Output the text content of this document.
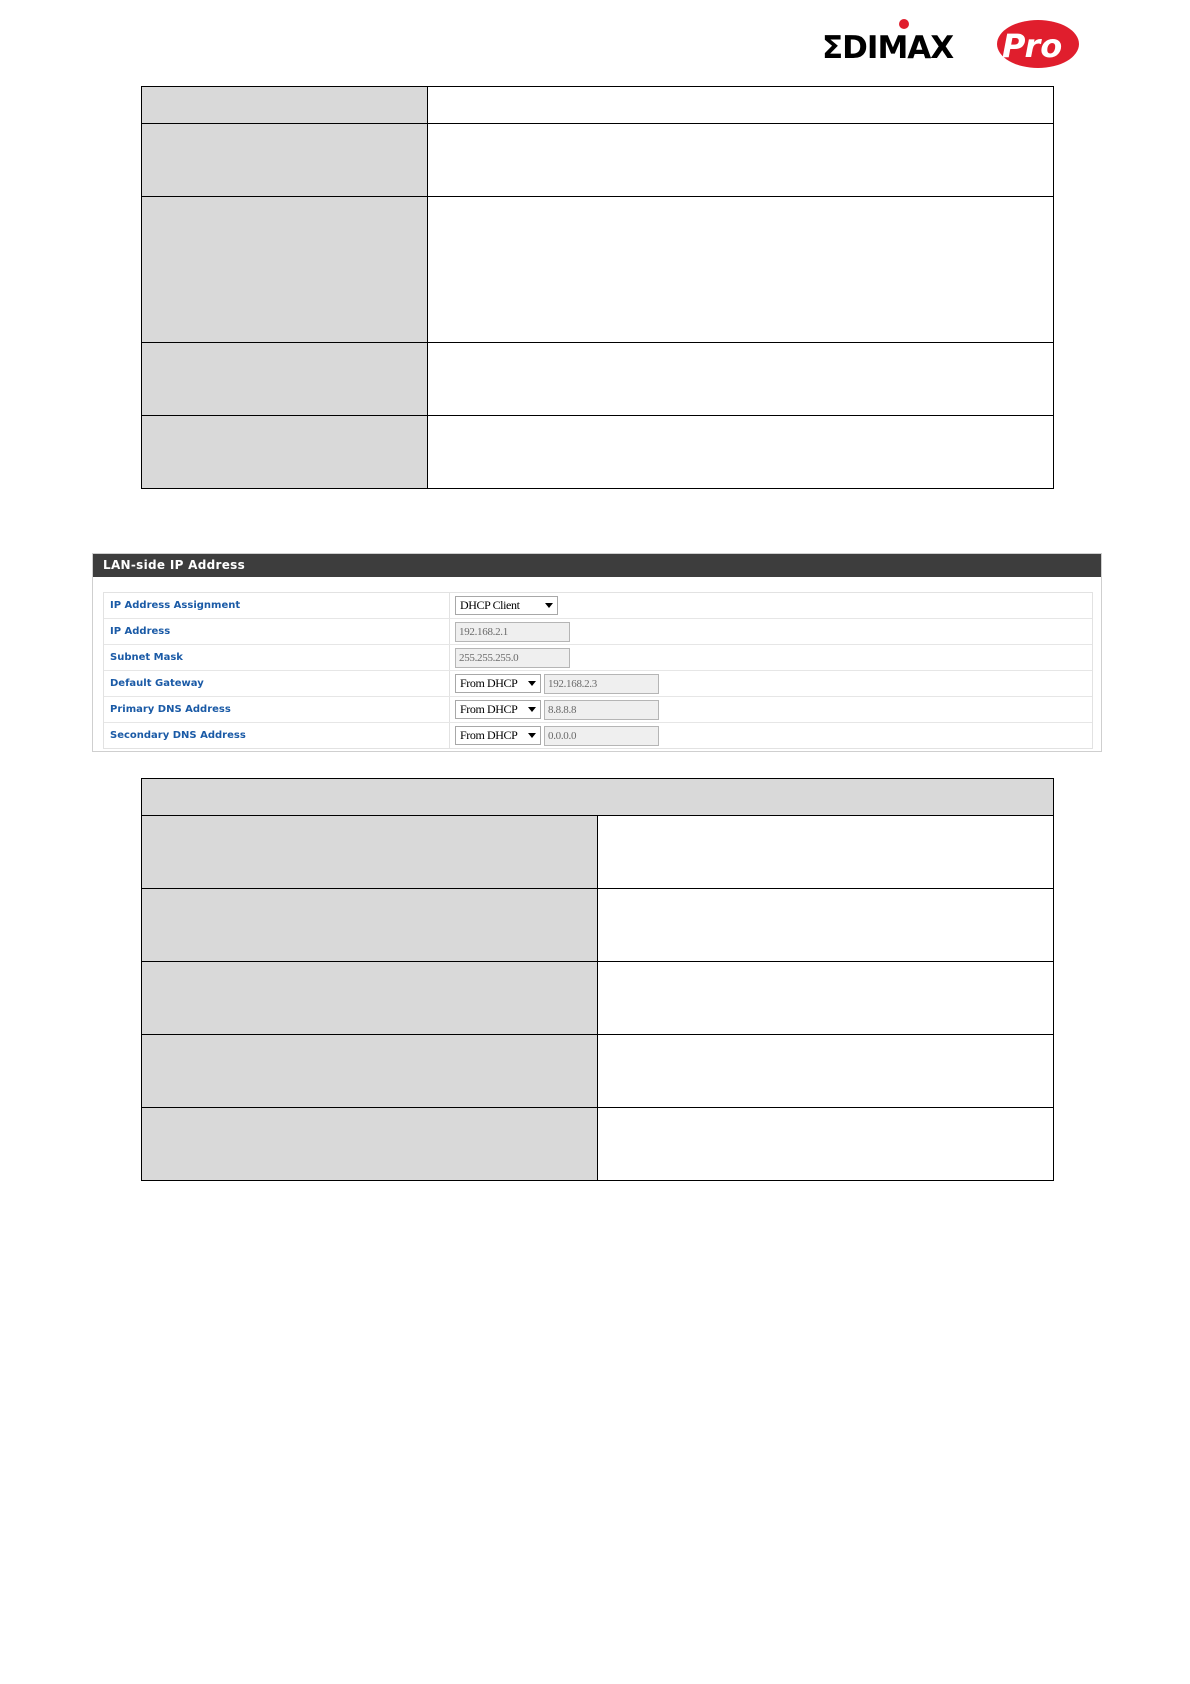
Pro
ΣDIMAX

LAN-side IP Address
IP Address Assignment	DHCP Client
IP Address	192.168.2.1
Subnet Mask	255.255.255.0
Default Gateway	From DHCP	192.168.2.3
Primary DNS Address	From DHCP	8.8.8.8
Secondary DNS Address	From DHCP	0.0.0.0
